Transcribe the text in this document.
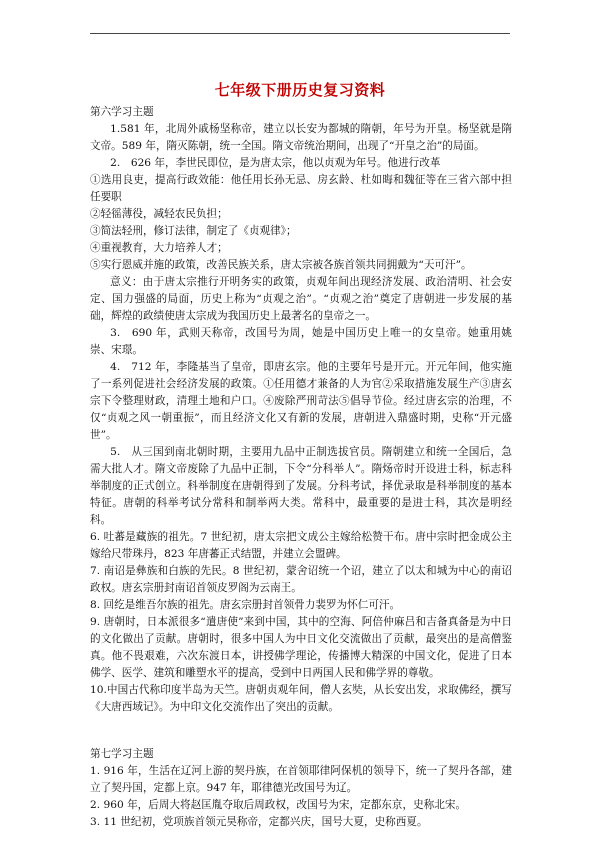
七年级下册历史复习资料
第六学习主题

1.581 年，北周外戚杨坚称帝，建立以长安为都城的隋朝，年号为开皇。杨坚就是隋文帝。589 年，隋灭陈朝，统一全国。隋文帝统治期间，出现了“开皇之治”的局面。

2.　626 年，李世民即位，是为唐太宗，他以贞观为年号。他进行改革

①选用良吏，提高行政效能：他任用长孙无忌、房玄龄、杜如晦和魏征等在三省六部中担任要职

②轻徭薄役，减轻农民负担；

③简法轻刑，修订法律，制定了《贞观律》；

④重视教育，大力培养人才；

⑤实行恩威并施的政策，改善民族关系，唐太宗被各族首领共同拥戴为“天可汗”。

意义：由于唐太宗推行开明务实的政策，贞观年间出现经济发展、政治清明、社会安定、国力强盛的局面，历史上称为“贞观之治”。“贞观之治”奠定了唐朝进一步发展的基础，辉煌的政绩使唐太宗成为我国历史上最著名的皇帝之一。

3.　690 年，武则天称帝，改国号为周，她是中国历史上唯一的女皇帝。她重用姚崇、宋璟。

4.　712 年，李隆基当了皇帝，即唐玄宗。他的主要年号是开元。开元年间，他实施了一系列促进社会经济发展的政策。①任用德才兼备的人为官②采取措施发展生产③唐玄宗下令整理财政，清理土地和户口。④废除严刑苛法⑤倡导节俭。经过唐玄宗的治理，不仅“贞观之风一朝重振”，而且经济文化又有新的发展，唐朝进入鼎盛时期，史称“开元盛世”。

5.　从三国到南北朝时期，主要用九品中正制选拔官员。隋朝建立和统一全国后，急需大批人才。隋文帝废除了九品中正制，下令“分科举人”。隋炀帝时开设进士科，标志科举制度的正式创立。科举制度在唐朝得到了发展。分科考试，择优录取是科举制度的基本特征。唐朝的科举考试分常科和制举两大类。常科中，最重要的是进士科，其次是明经科。

6. 吐蕃是藏族的祖先。7 世纪初，唐太宗把文成公主嫁给松赞干布。唐中宗时把金成公主嫁给尺带珠丹，823 年唐蕃正式结盟，并建立会盟碑。

7. 南诏是彝族和白族的先民。8 世纪初，蒙舍诏统一个诏，建立了以太和城为中心的南诏政权。唐玄宗册封南诏首领皮罗阁为云南王。

8. 回纥是维吾尔族的祖先。唐玄宗册封首领骨力裴罗为怀仁可汗。

9. 唐朝时，日本派很多“遣唐使”来到中国，其中的空海、阿倍仲麻吕和吉备真备是为中日的文化做出了贡献。唐朝时，很多中国人为中日文化交流做出了贡献，最突出的是高僧鉴真。他不畏艰难，六次东渡日本，讲授佛学理论，传播博大精深的中国文化，促进了日本佛学、医学、建筑和雕塑水平的提高，受到中日两国人民和佛学界的尊敬。

10.中国古代称印度半岛为天竺。唐朝贞观年间，僧人玄奘，从长安出发，求取佛经，撰写《大唐西域记》。为中印文化交流作出了突出的贡献。

第七学习主题

1. 916 年，生活在辽河上游的契丹族，在首领耶律阿保机的领导下，统一了契丹各部，建立了契丹国，定都上京。947 年，耶律德光改国号为辽。

2. 960 年，后周大将赵匡胤夺取后周政权，改国号为宋，定都东京，史称北宋。

3. 11 世纪初，党项族首领元昊称帝，定都兴庆，国号大夏，史称西夏。
